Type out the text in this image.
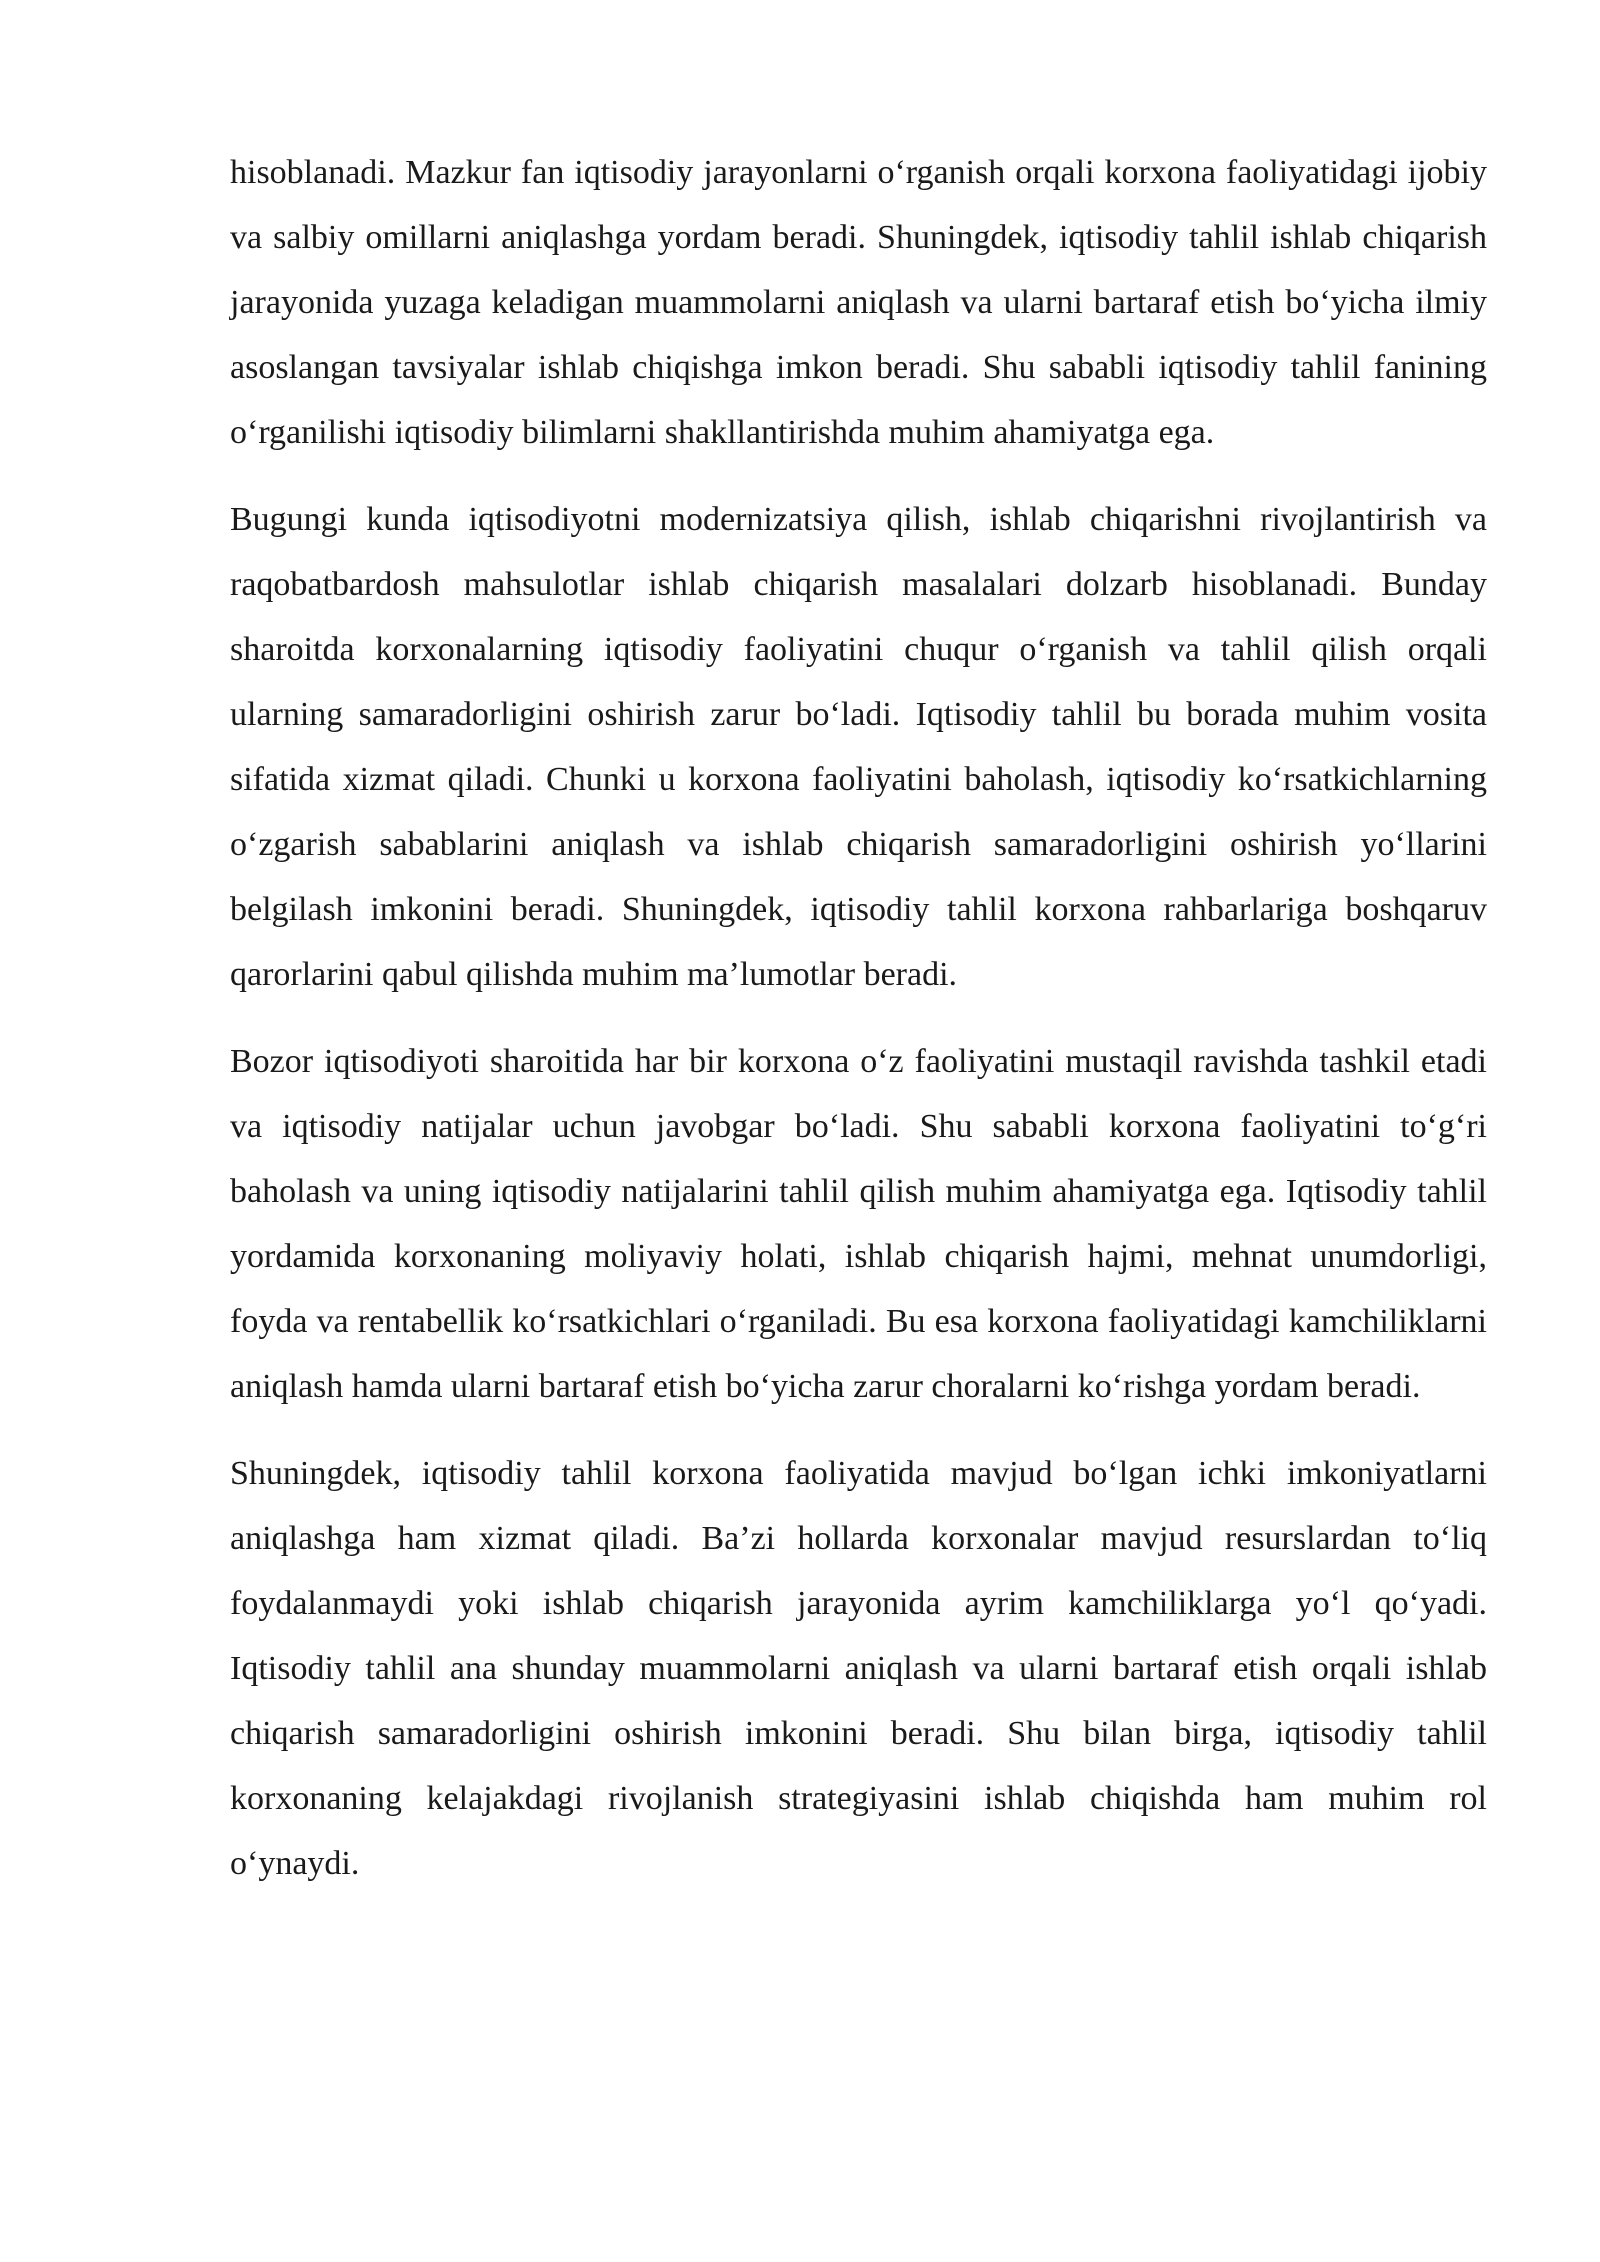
hisoblanadi. Mazkur fan iqtisodiy jarayonlarni o‘rganish orqali korxona faoliyatidagi ijobiy va salbiy omillarni aniqlashga yordam beradi. Shuningdek, iqtisodiy tahlil ishlab chiqarish jarayonida yuzaga keladigan muammolarni aniqlash va ularni bartaraf etish bo‘yicha ilmiy asoslangan tavsiyalar ishlab chiqishga imkon beradi. Shu sababli iqtisodiy tahlil fanining o‘rganilishi iqtisodiy bilimlarni shakllantirishda muhim ahamiyatga ega.

Bugungi kunda iqtisodiyotni modernizatsiya qilish, ishlab chiqarishni rivojlantirish va raqobatbardosh mahsulotlar ishlab chiqarish masalalari dolzarb hisoblanadi. Bunday sharoitda korxonalarning iqtisodiy faoliyatini chuqur o‘rganish va tahlil qilish orqali ularning samaradorligini oshirish zarur bo‘ladi. Iqtisodiy tahlil bu borada muhim vosita sifatida xizmat qiladi. Chunki u korxona faoliyatini baholash, iqtisodiy ko‘rsatkichlarning o‘zgarish sabablarini aniqlash va ishlab chiqarish samaradorligini oshirish yo‘llarini belgilash imkonini beradi. Shuningdek, iqtisodiy tahlil korxona rahbarlariga boshqaruv qarorlarini qabul qilishda muhim ma’lumotlar beradi.

Bozor iqtisodiyoti sharoitida har bir korxona o‘z faoliyatini mustaqil ravishda tashkil etadi va iqtisodiy natijalar uchun javobgar bo‘ladi. Shu sababli korxona faoliyatini to‘g‘ri baholash va uning iqtisodiy natijalarini tahlil qilish muhim ahamiyatga ega. Iqtisodiy tahlil yordamida korxonaning moliyaviy holati, ishlab chiqarish hajmi, mehnat unumdorligi, foyda va rentabellik ko‘rsatkichlari o‘rganiladi. Bu esa korxona faoliyatidagi kamchiliklarni aniqlash hamda ularni bartaraf etish bo‘yicha zarur choralarni ko‘rishga yordam beradi.

Shuningdek, iqtisodiy tahlil korxona faoliyatida mavjud bo‘lgan ichki imkoniyatlarni aniqlashga ham xizmat qiladi. Ba’zi hollarda korxonalar mavjud resurslardan to‘liq foydalanmaydi yoki ishlab chiqarish jarayonida ayrim kamchiliklarga yo‘l qo‘yadi. Iqtisodiy tahlil ana shunday muammolarni aniqlash va ularni bartaraf etish orqali ishlab chiqarish samaradorligini oshirish imkonini beradi. Shu bilan birga, iqtisodiy tahlil korxonaning kelajakdagi rivojlanish strategiyasini ishlab chiqishda ham muhim rol o‘ynaydi.
